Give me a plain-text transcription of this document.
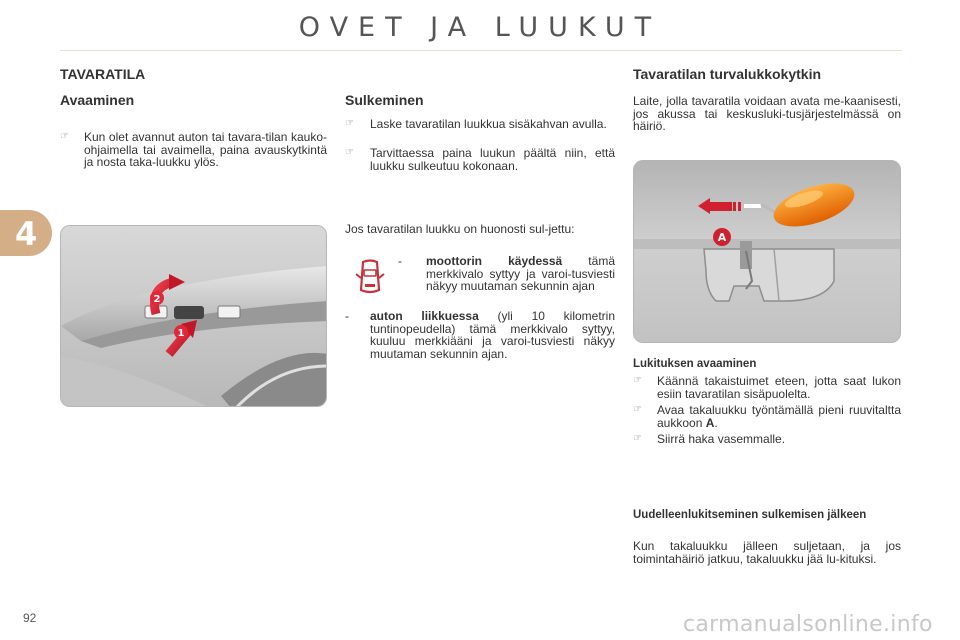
OVET JA LUUKUT
4
TAVARATILA
Avaaminen
☞ Kun olet avannut auton tai tavara-tilan kauko-ohjaimella tai avaimella, paina avauskytkintä ja nosta taka-luukku ylös.
2
1
Sulkeminen
☞ Laske tavaratilan luukkua sisäkahvan avulla.
☞ Tarvittaessa paina luukun päältä niin, että luukku sulkeutuu kokonaan.
Jos tavaratilan luukku on huonosti sul-jettu:
- moottorin käydessä tämä merkkivalo syttyy ja varoi-tusviesti näkyy muutaman sekunnin ajan
- auton liikkuessa (yli 10 kilometrin tuntinopeudella) tämä merkkivalo syttyy, kuuluu merkkiääni ja varoi-tusviesti näkyy muutaman sekunnin ajan.
Tavaratilan turvalukkokytkin
Laite, jolla tavaratila voidaan avata me-kaanisesti, jos akussa tai keskusluki-tusjärjestelmässä on häiriö.
A
Lukituksen avaaminen
☞ Käännä takaistuimet eteen, jotta saat lukon esiin tavaratilan sisäpuolelta.
☞ Avaa takaluukku työntämällä pieni ruuvitaltta aukkoon A.
☞ Siirrä haka vasemmalle.
Uudelleenlukitseminen sulkemisen jälkeen
Kun takaluukku jälleen suljetaan, ja jos toimintahäiriö jatkuu, takaluukku jää lu-kituksi.
92	carmanualsonline.info
